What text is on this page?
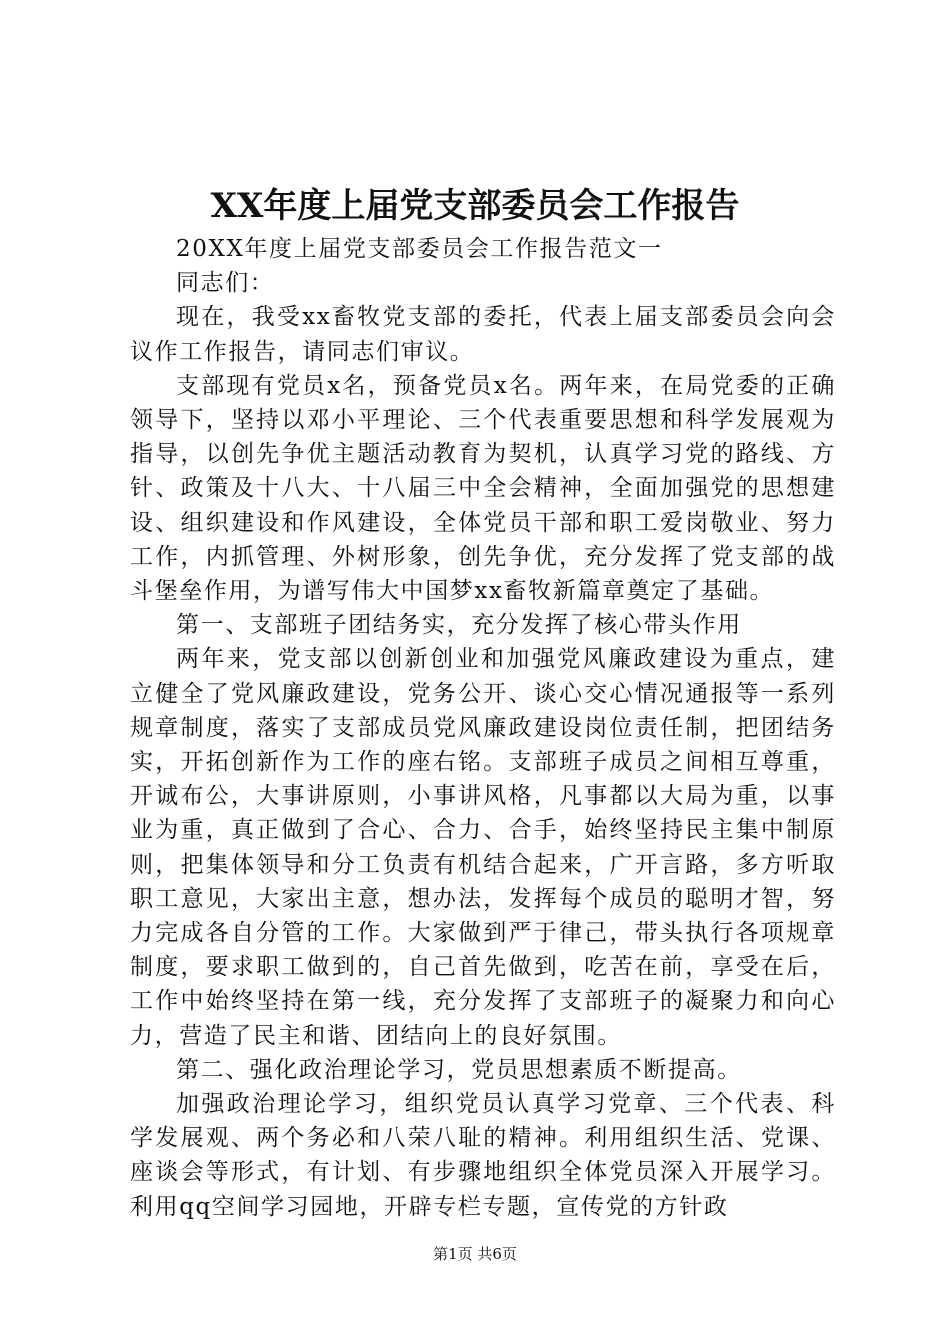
XX年度上届党支部委员会工作报告

20XX年度上届党支部委员会工作报告范文一

同志们：

现在，我受xx畜牧党支部的委托，代表上届支部委员会向会议作工作报告，请同志们审议。

支部现有党员x名，预备党员x名。两年来，在局党委的正确领导下，坚持以邓小平理论、三个代表重要思想和科学发展观为指导，以创先争优主题活动教育为契机，认真学习党的路线、方针、政策及十八大、十八届三中全会精神，全面加强党的思想建设、组织建设和作风建设，全体党员干部和职工爱岗敬业、努力工作，内抓管理、外树形象，创先争优，充分发挥了党支部的战斗堡垒作用，为谱写伟大中国梦xx畜牧新篇章奠定了基础。

第一、支部班子团结务实，充分发挥了核心带头作用

两年来，党支部以创新创业和加强党风廉政建设为重点，建立健全了党风廉政建设，党务公开、谈心交心情况通报等一系列规章制度，落实了支部成员党风廉政建设岗位责任制，把团结务实，开拓创新作为工作的座右铭。支部班子成员之间相互尊重，开诚布公，大事讲原则，小事讲风格，凡事都以大局为重，以事业为重，真正做到了合心、合力、合手，始终坚持民主集中制原则，把集体领导和分工负责有机结合起来，广开言路，多方听取职工意见，大家出主意，想办法，发挥每个成员的聪明才智，努力完成各自分管的工作。大家做到严于律己，带头执行各项规章制度，要求职工做到的，自己首先做到，吃苦在前，享受在后，工作中始终坚持在第一线，充分发挥了支部班子的凝聚力和向心力，营造了民主和谐、团结向上的良好氛围。

第二、强化政治理论学习，党员思想素质不断提高。

加强政治理论学习，组织党员认真学习党章、三个代表、科学发展观、两个务必和八荣八耻的精神。利用组织生活、党课、座谈会等形式，有计划、有步骤地组织全体党员深入开展学习。利用qq空间学习园地，开辟专栏专题，宣传党的方针政

第1页 共6页
